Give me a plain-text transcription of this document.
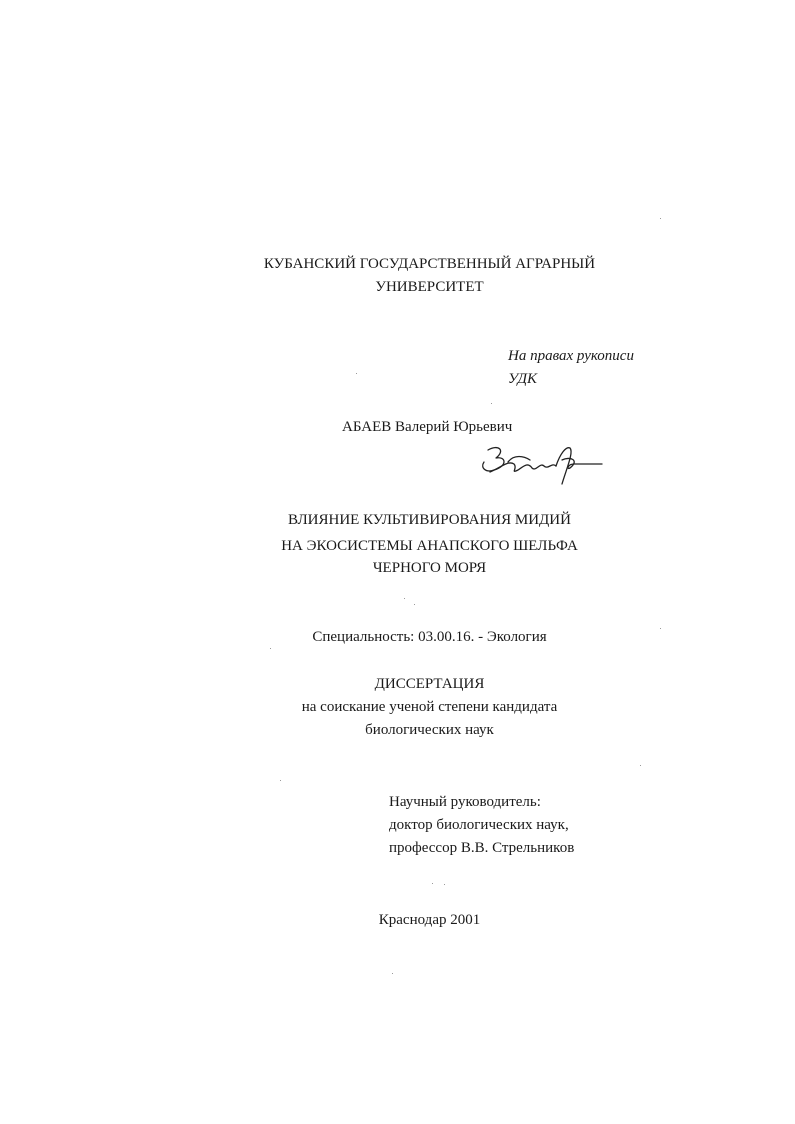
КУБАНСКИЙ ГОСУДАРСТВЕННЫЙ АГРАРНЫЙ
УНИВЕРСИТЕТ
На правах рукописи
УДК
АБАЕВ Валерий Юрьевич
ВЛИЯНИЕ КУЛЬТИВИРОВАНИЯ МИДИЙ
НА ЭКОСИСТЕМЫ АНАПСКОГО ШЕЛЬФА
ЧЕРНОГО МОРЯ
Специальность: 03.00.16. - Экология
ДИССЕРТАЦИЯ
на соискание ученой степени кандидата
биологических наук
Научный руководитель:
доктор биологических наук,
профессор В.В. Стрельников
Краснодар 2001
